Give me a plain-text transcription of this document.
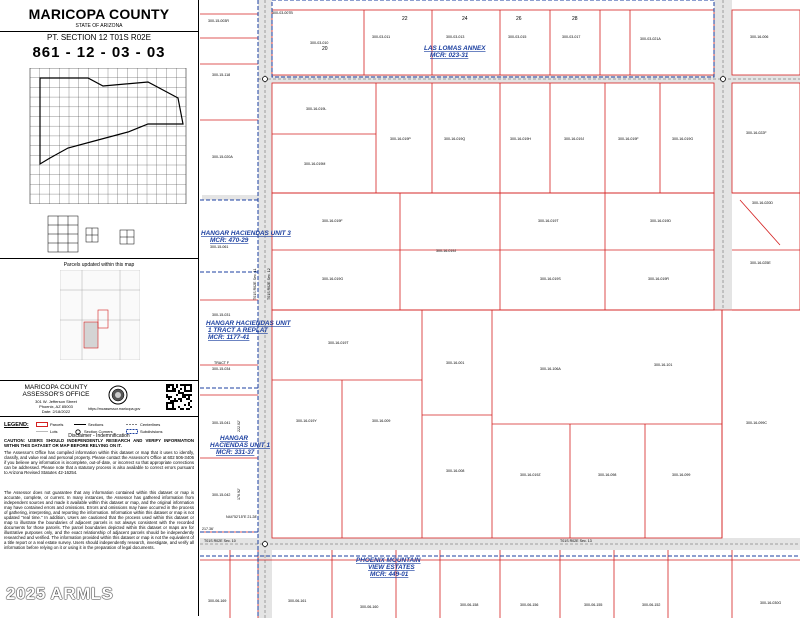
MARICOPA COUNTY
STATE OF ARIZONA
PT. SECTION 12 T01S R02E
861 - 12 - 03 - 03
Parcels updated within this map
MARICOPA COUNTY ASSESSOR'S OFFICE
301 W. Jefferson Street
Phoenix, AZ 85003
Date: 2/18/2022	https://mcassessor.maricopa.gov
LEGEND:	Parcels	Sections	Centerlines
Lots	Section Corners	Subdivisions
Disclaimer - Indemnification
CAUTION: USERS SHOULD INDEPENDENTLY RESEARCH AND VERIFY INFORMATION WITHIN THIS DATASET OR MAP BEFORE RELYING ON IT.
The Assessor's Office has compiled information within this dataset or map that it uses to identify, classify, and value real and personal property. Please contact the Assessor's Office at 602 506-3406 if you believe any information is incomplete, out-of-date, or incorrect so that appropriate corrections can be addressed. Please note that a statutory process is also available to correct errors pursuant to Arizona Revised Statutes 42-16254.
The Assessor does not guarantee that any information contained within this dataset or map is accurate, complete, or current. In many instances, the Assessor has gathered information from independent sources and made it available within this dataset or map, and the original information may have contained errors and omissions. Errors and omissions may have occurred in the process of gathering, interpreting, and reporting the information. Information within this dataset or map is not updated "real time." In addition, Users are cautioned that the process used within this dataset or map to illustrate the boundaries of adjacent parcels is not always consistent with the recorded documents for those parcels. The parcel boundaries depicted within this dataset or maps are for illustrative purposes only, and the exact relationship of adjacent parcels should be independently researched and verified. The information provided within this dataset or map is not the equivalent of a title report or a real estate survey. Users should independently research, investigate, and verify all information before relying on it or using it in the preparation of legal documents.
22	24	26	28
20
300-15-003R
300-03-007B
300-03-010
300-03-011	300-03-013	300-03-015	300-03-017	300-03-021A	300-16-006
300-15-118
300-16-019L
300-16-019P	300-16-019Q	300-16-019H	300-16-019J	300-16-019F	300-16-019G
300-16-022F
300-15-020A
300-16-019M
300-16-020D
300-16-019F	300-16-019T	300-16-019D
300-15-061
300-16-019J
300-16-019G	300-16-019S	300-16-019R
300-16-025E
300-15-031
300-16-019T
300-16-001
300-16-106A
300-16-101
300-15-034
300-16-099C
300-15-041	300-16-019Y	300-16-009
300-16-008
300-16-019Z	300-16-098	300-16-099
300-15-042
300-06-169	300-06-161
300-06-160	300-06-158	300-06-156	300-06-155	300-06-152	300-16-030G
222.02'
176.92'
217.36'
N44°52'15"E 21.28'
TRACT F
T01S R02E Sec. 11	T01S R02E Sec. 12
T01S R02E Sec. 10	T01S R02E Sec. 13
LAS LOMAS ANNEX
MCR: 023-31
HANGAR HACIENDAS UNIT 3
MCR: 470-29
HANGAR HACIENDAS UNIT
1 TRACT A REPLAT
MCR: 1177-41
HANGAR
HACIENDAS UNIT 1
MCR: 331-37
PHOENIX MOUNTAIN
VIEW ESTATES
MCR: 449-01
2025 ARMLS
